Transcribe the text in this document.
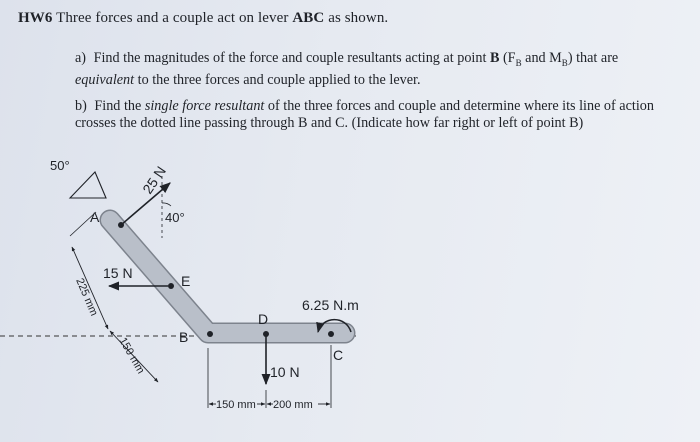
HW6 Three forces and a couple act on lever ABC as shown.
a) Find the magnitudes of the force and couple resultants acting at point B ($F_B$ and $M_B$) that are
equivalent to the three forces and couple applied to the lever.
b) Find the single force resultant of the three forces and couple and determine where its line of action crosses the dotted line passing through B and C. (Indicate how far right or left of point B)
A
E
B
D
C
50°	25 N
40°
15 N
10 N
6.25 N.m
225 mm
150 mm
150 mm 200 mm
